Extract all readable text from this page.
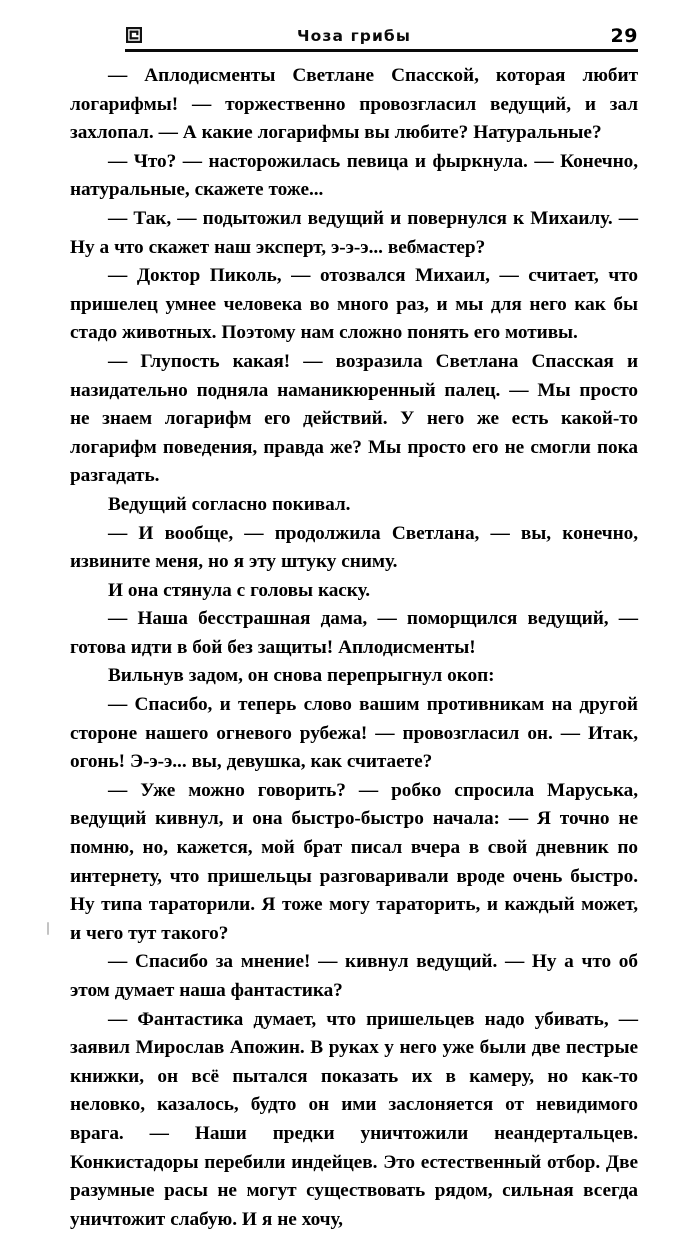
Чоза грибы	29

— Аплодисменты Светлане Спасской, которая любит логарифмы! — торжественно провозгласил ведущий, и зал захлопал. — А какие логарифмы вы любите? Натуральные?

— Что? — насторожилась певица и фыркнула. — Конечно, натуральные, скажете тоже...

— Так, — подытожил ведущий и повернулся к Михаилу. — Ну а что скажет наш эксперт, э-э-э... вебмастер?

— Доктор Пиколь, — отозвался Михаил, — считает, что пришелец умнее человека во много раз, и мы для него как бы стадо животных. Поэтому нам сложно понять его мотивы.

— Глупость какая! — возразила Светлана Спасская и назидательно подняла наманикюренный палец. — Мы просто не знаем логарифм его действий. У него же есть какой-то логарифм поведения, правда же? Мы просто его не смогли пока разгадать.

Ведущий согласно покивал.

— И вообще, — продолжила Светлана, — вы, конечно, извините меня, но я эту штуку сниму.

И она стянула с головы каску.

— Наша бесстрашная дама, — поморщился ведущий, — готова идти в бой без защиты! Аплодисменты!

Вильнув задом, он снова перепрыгнул окоп:

— Спасибо, и теперь слово вашим противникам на другой стороне нашего огневого рубежа! — провозгласил он. — Итак, огонь! Э-э-э... вы, девушка, как считаете?

— Уже можно говорить? — робко спросила Маруська, ведущий кивнул, и она быстро-быстро начала: — Я точно не помню, но, кажется, мой брат писал вчера в свой дневник по интернету, что пришельцы разговаривали вроде очень быстро. Ну типа тараторили. Я тоже могу тараторить, и каждый может, и чего тут такого?

— Спасибо за мнение! — кивнул ведущий. — Ну а что об этом думает наша фантастика?

— Фантастика думает, что пришельцев надо убивать, — заявил Мирослав Апожин. В руках у него уже были две пестрые книжки, он всё пытался показать их в камеру, но как-то неловко, казалось, будто он ими заслоняется от невидимого врага. — Наши предки уничтожили неандертальцев. Конкистадоры перебили индейцев. Это естественный отбор. Две разумные расы не могут существовать рядом, сильная всегда уничтожит слабую. И я не хочу,
